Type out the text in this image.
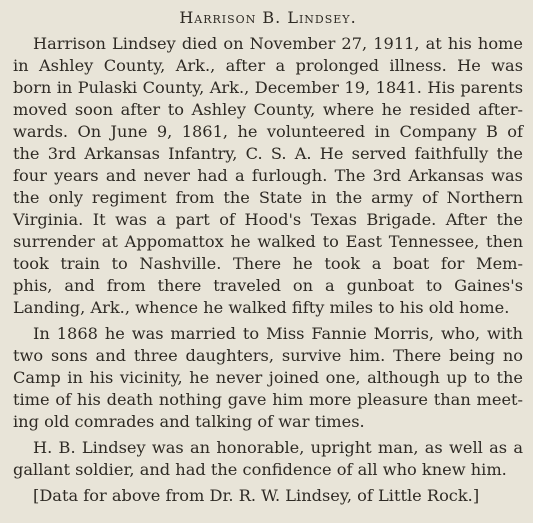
Harrison B. Lindsey.
Harrison Lindsey died on November 27, 1911, at his home
in Ashley County, Ark., after a prolonged illness. He was
born in Pulaski County, Ark., December 19, 1841. His parents
moved soon after to Ashley County, where he resided after-
wards. On June 9, 1861, he volunteered in Company B of
the 3rd Arkansas Infantry, C. S. A. He served faithfully the
four years and never had a furlough. The 3rd Arkansas was
the only regiment from the State in the army of Northern
Virginia. It was a part of Hood's Texas Brigade. After the
surrender at Appomattox he walked to East Tennessee, then
took train to Nashville. There he took a boat for Mem-
phis, and from there traveled on a gunboat to Gaines's
Landing, Ark., whence he walked fifty miles to his old home.
In 1868 he was married to Miss Fannie Morris, who, with
two sons and three daughters, survive him. There being no
Camp in his vicinity, he never joined one, although up to the
time of his death nothing gave him more pleasure than meet-
ing old comrades and talking of war times.
H. B. Lindsey was an honorable, upright man, as well as a
gallant soldier, and had the confidence of all who knew him.
[Data for above from Dr. R. W. Lindsey, of Little Rock.]
